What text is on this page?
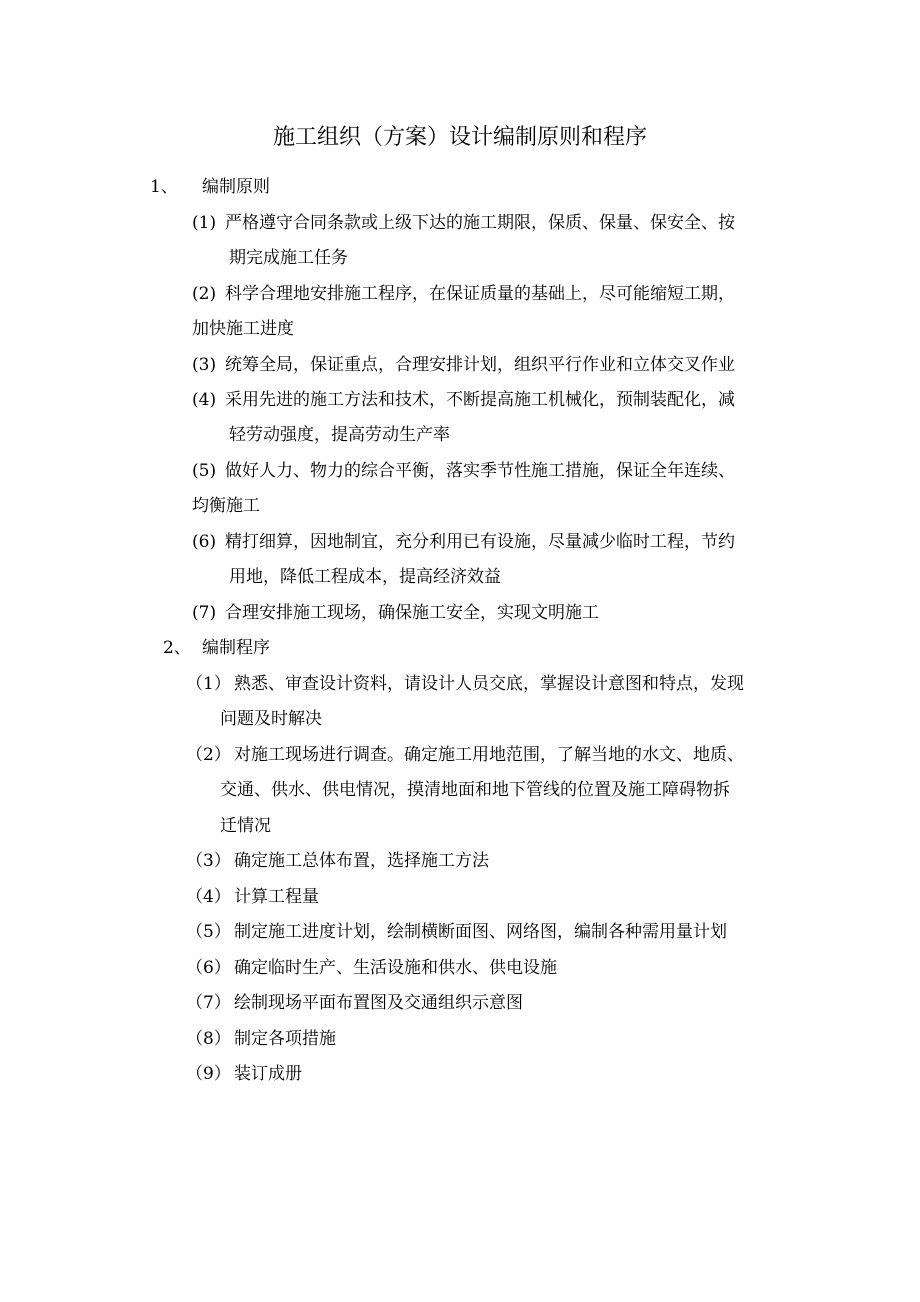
施工组织（方案）设计编制原则和程序
1、 编制原则
(1) 严格遵守合同条款或上级下达的施工期限，保质、保量、保安全、按
期完成施工任务
(2) 科学合理地安排施工程序，在保证质量的基础上，尽可能缩短工期，
加快施工进度
(3) 统筹全局，保证重点，合理安排计划，组织平行作业和立体交叉作业
(4) 采用先进的施工方法和技术，不断提高施工机械化，预制装配化，减
轻劳动强度，提高劳动生产率
(5) 做好人力、物力的综合平衡，落实季节性施工措施，保证全年连续、
均衡施工
(6) 精打细算，因地制宜，充分利用已有设施，尽量减少临时工程，节约
用地，降低工程成本，提高经济效益
(7) 合理安排施工现场，确保施工安全，实现文明施工
2、 编制程序
（1） 熟悉、审查设计资料，请设计人员交底，掌握设计意图和特点，发现
问题及时解决
（2） 对施工现场进行调查。确定施工用地范围，了解当地的水文、地质、
交通、供水、供电情况，摸清地面和地下管线的位置及施工障碍物拆
迁情况
（3） 确定施工总体布置，选择施工方法
（4） 计算工程量
（5） 制定施工进度计划，绘制横断面图、网络图，编制各种需用量计划
（6） 确定临时生产、生活设施和供水、供电设施
（7） 绘制现场平面布置图及交通组织示意图
（8） 制定各项措施
（9） 装订成册
